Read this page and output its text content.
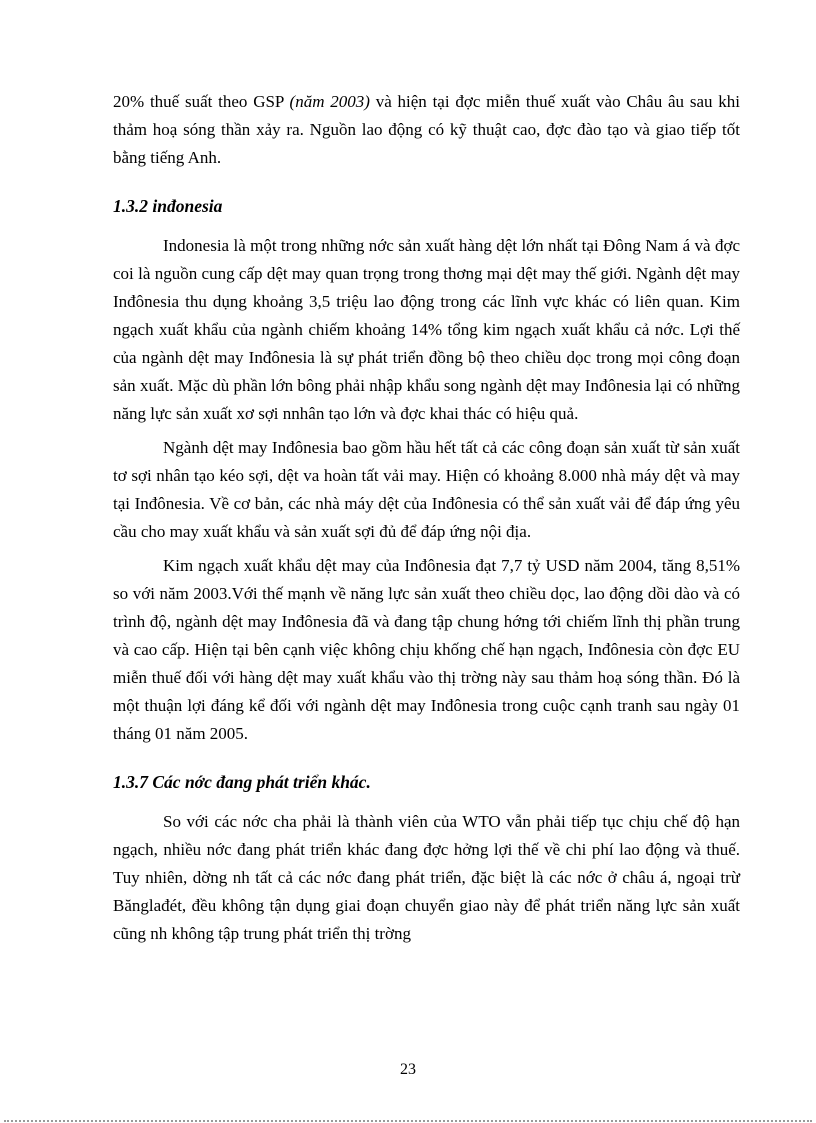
20% thuế suất theo GSP (năm 2003) và hiện tại đợc miễn thuế xuất vào Châu âu sau khi thảm hoạ sóng thần xảy ra. Nguồn lao động có kỹ thuật cao, đợc đào tạo và giao tiếp tốt bằng tiếng Anh.

1.3.2 inđonesia

Indonesia là một trong những nớc sản xuất hàng dệt lớn nhất tại Đông Nam á và đợc coi là nguồn cung cấp dệt may quan trọng trong thơng mại dệt may thế giới. Ngành dệt may Inđônesia thu dụng khoảng 3,5 triệu lao động trong các lĩnh vực khác có liên quan. Kim ngạch xuất khẩu của ngành chiếm khoảng 14% tổng kim ngạch xuất khẩu cả nớc. Lợi thế của ngành dệt may Inđônesia là sự phát triển đồng bộ theo chiều dọc trong mọi công đoạn sản xuất. Mặc dù phần lớn bông phải nhập khẩu song ngành dệt may Inđônesia lại có những năng lực sản xuất xơ sợi nnhân tạo lớn và đợc khai thác có hiệu quả.

Ngành dệt may Inđônesia bao gồm hầu hết tất cả các công đoạn sản xuất từ sản xuất tơ sợi nhân tạo kéo sợi, dệt va hoàn tất vải may. Hiện có khoảng 8.000 nhà máy dệt và may tại Inđônesia. Về cơ bản, các nhà máy dệt của Inđônesia có thể sản xuất vải để đáp ứng yêu cầu cho may xuất khẩu và sản xuất sợi đủ để đáp ứng nội địa.

Kim ngạch xuất khẩu dệt may của Inđônesia đạt 7,7 tỷ USD năm 2004, tăng 8,51% so với năm 2003.Với thế mạnh về năng lực sản xuất theo chiều dọc, lao động dồi dào và có trình độ, ngành dệt may Inđônesia đã và đang tập chung hớng tới chiếm lĩnh thị phần trung và cao cấp. Hiện tại bên cạnh việc không chịu khống chế hạn ngạch, Inđônesia còn đợc EU miễn thuế đối với hàng dệt may xuất khẩu vào thị trờng này sau thảm hoạ sóng thần. Đó là một thuận lợi đáng kể đối với ngành dệt may Inđônesia trong cuộc cạnh tranh sau ngày 01 tháng 01 năm 2005.

1.3.7 Các nớc đang phát triển khác.

So với các nớc cha phải là thành viên của WTO vẫn phải tiếp tục chịu chế độ hạn ngạch, nhiều nớc đang phát triển khác đang đợc hởng lợi thế về chi phí lao động và thuế. Tuy nhiên, dờng nh tất cả các nớc đang phát triển, đặc biệt là các nớc ở châu á, ngoại trừ Bănglađét, đều không tận dụng giai đoạn chuyển giao này để phát triển năng lực sản xuất cũng nh không tập trung phát triển thị trờng

23
